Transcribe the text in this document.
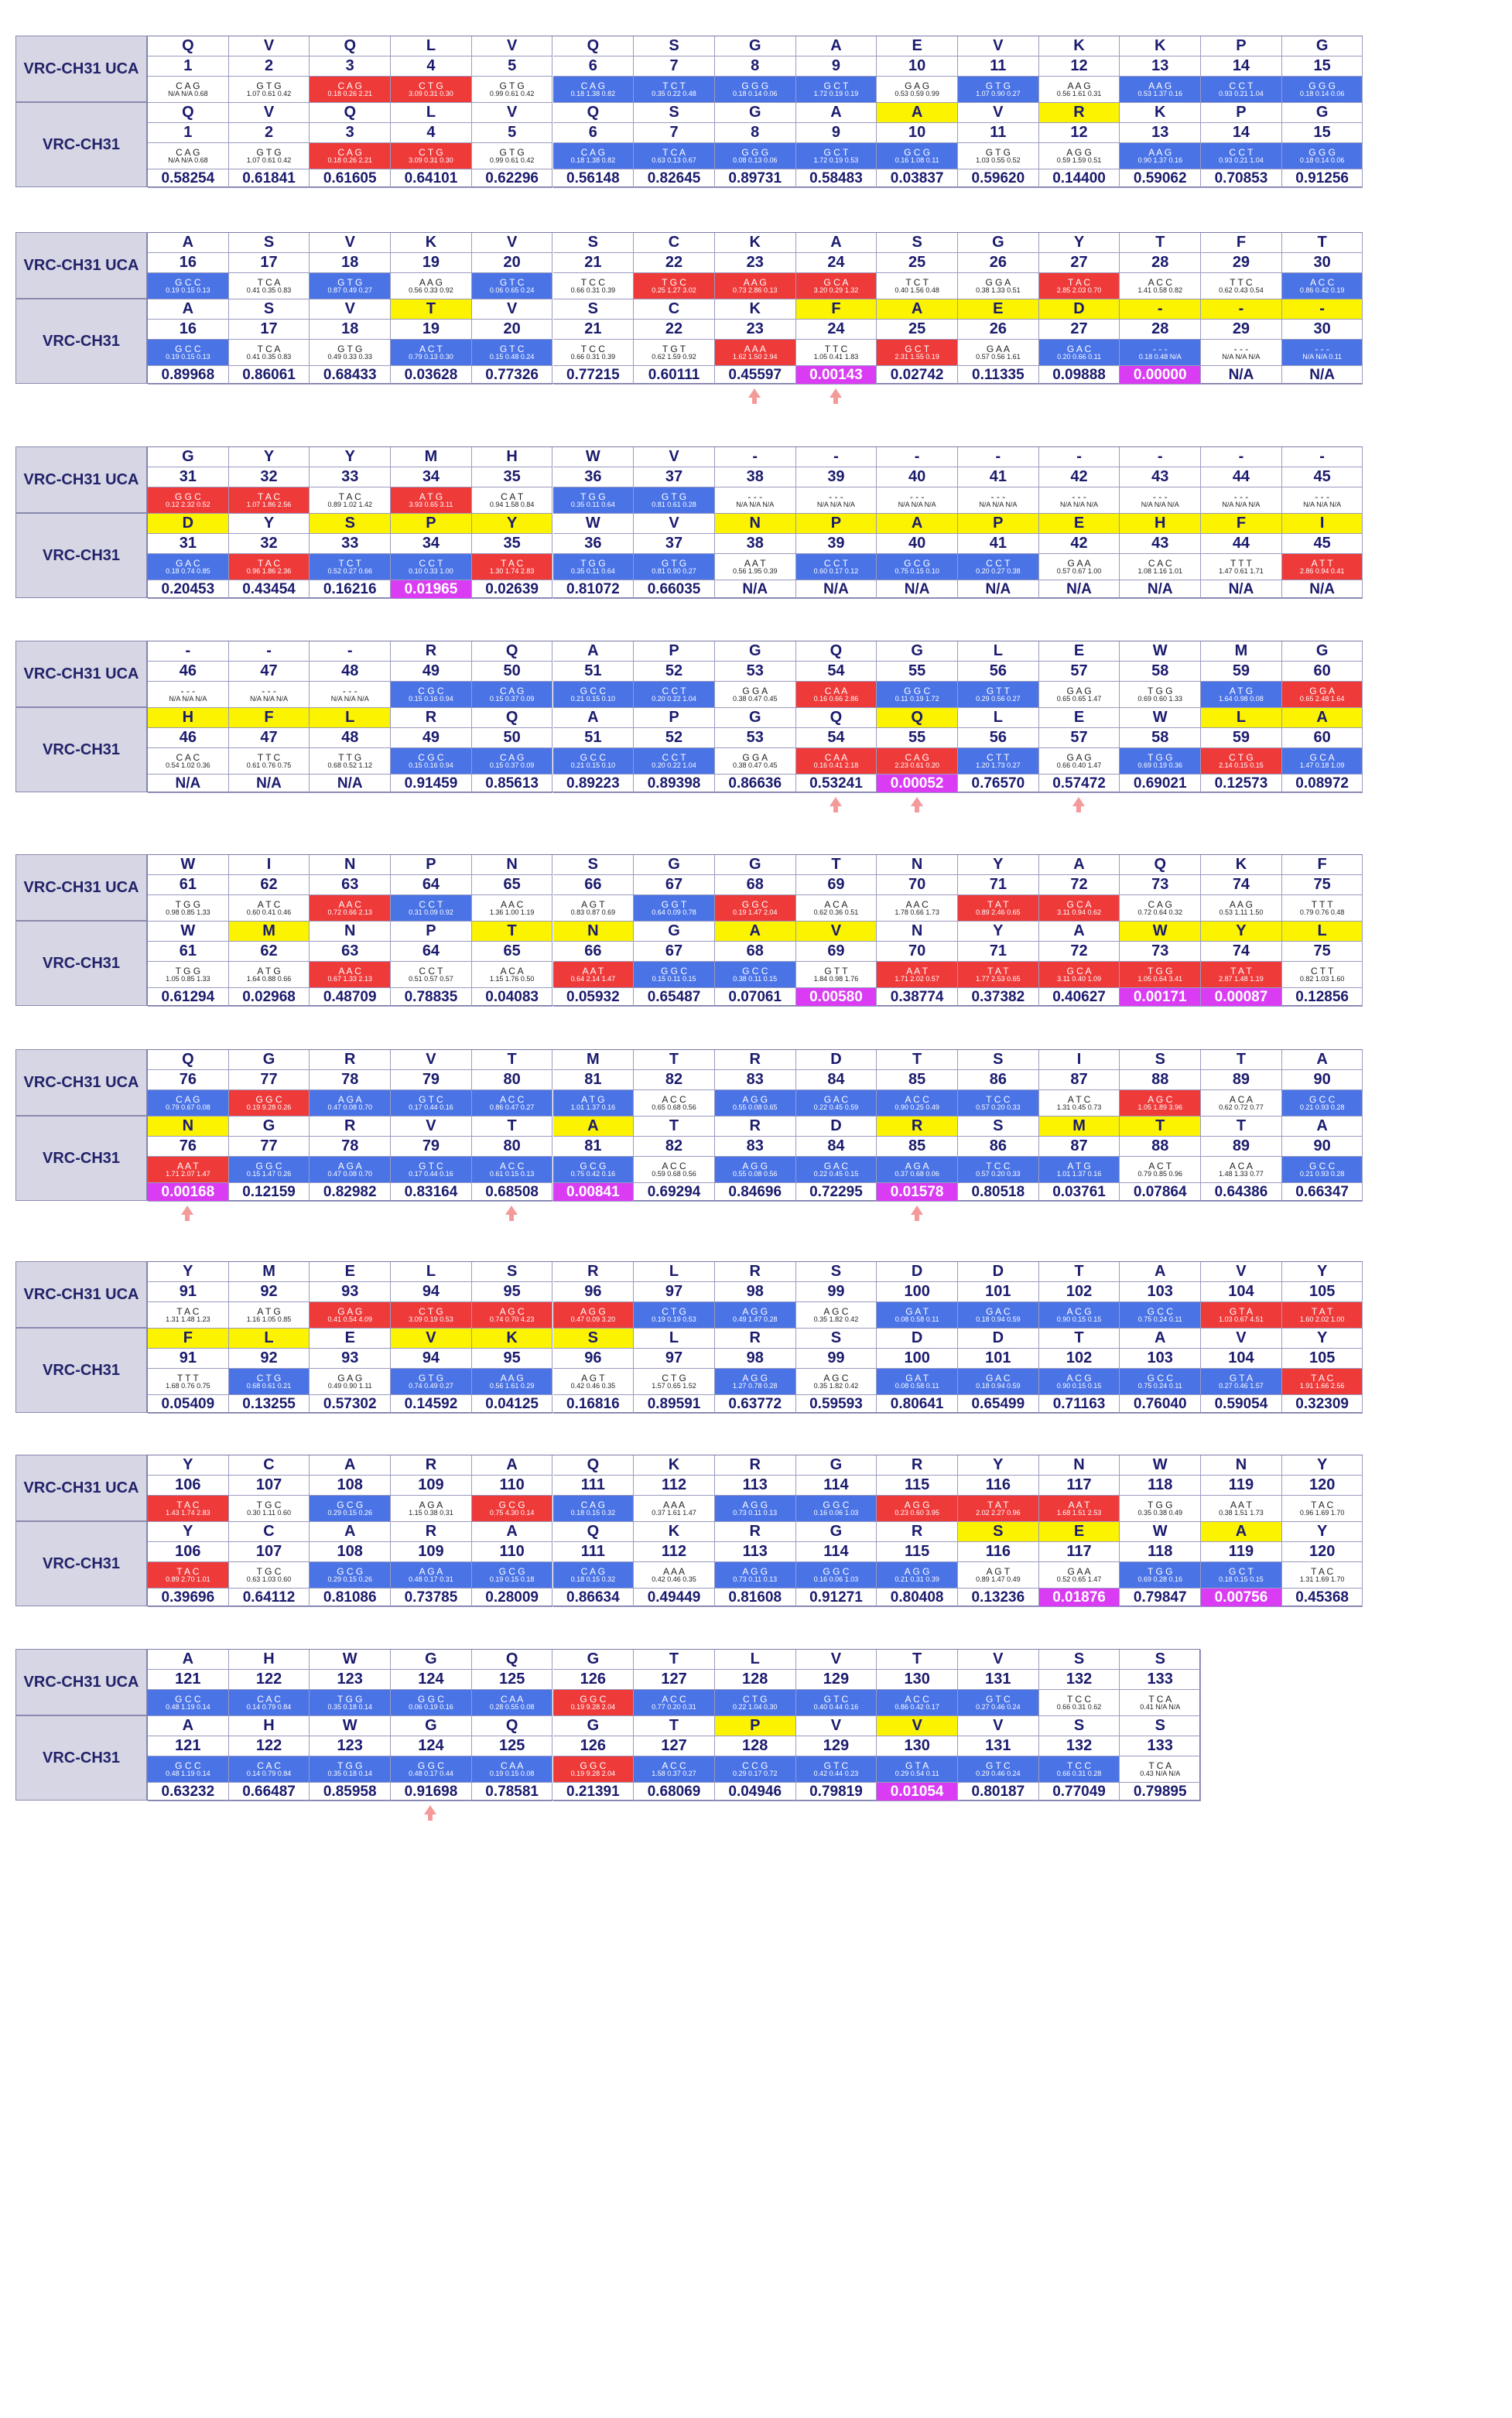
VRC-CH31 UCA
VRC-CH31
Q
1
C A G
N/A N/A 0.68
Q
1
C A G
N/A N/A 0.68
0.58254
V
2
G T G
1.07 0.61 0.42
V
2
G T G
1.07 0.61 0.42
0.61841
Q
3
C A G
0.18 0.26 2.21
Q
3
C A G
0.18 0.26 2.21
0.61605
L
4
C T G
3.09 0.31 0.30
L
4
C T G
3.09 0.31 0.30
0.64101
V
5
G T G
0.99 0.61 0.42
V
5
G T G
0.99 0.61 0.42
0.62296
Q
6
C A G
0.18 1.38 0.82
Q
6
C A G
0.18 1.38 0.82
0.56148
S
7
T C T
0.35 0.22 0.48
S
7
T C A
0.63 0.13 0.67
0.82645
G
8
G G G
0.18 0.14 0.06
G
8
G G G
0.08 0.13 0.06
0.89731
A
9
G C T
1.72 0.19 0.19
A
9
G C T
1.72 0.19 0.53
0.58483
E
10
G A G
0.53 0.59 0.99
A
10
G C G
0.16 1.08 0.11
0.03837
V
11
G T G
1.07 0.90 0.27
V
11
G T G
1.03 0.55 0.52
0.59620
K
12
A A G
0.56 1.61 0.31
R
12
A G G
0.59 1.59 0.51
0.14400
K
13
A A G
0.53 1.37 0.16
K
13
A A G
0.90 1.37 0.16
0.59062
P
14
C C T
0.93 0.21 1.04
P
14
C C T
0.93 0.21 1.04
0.70853
G
15
G G G
0.18 0.14 0.06
G
15
G G G
0.18 0.14 0.06
0.91256
VRC-CH31 UCA
VRC-CH31
A
16
G C C
0.19 0.15 0.13
A
16
G C C
0.19 0.15 0.13
0.89968
S
17
T C A
0.41 0.35 0.83
S
17
T C A
0.41 0.35 0.83
0.86061
V
18
G T G
0.87 0.49 0.27
V
18
G T G
0.49 0.33 0.33
0.68433
K
19
A A G
0.56 0.33 0.92
T
19
A C T
0.79 0.13 0.30
0.03628
V
20
G T C
0.06 0.65 0.24
V
20
G T C
0.15 0.48 0.24
0.77326
S
21
T C C
0.66 0.31 0.39
S
21
T C C
0.66 0.31 0.39
0.77215
C
22
T G C
0.25 1.27 3.02
C
22
T G T
0.62 1.59 0.92
0.60111
K
23
A A G
0.73 2.86 0.13
K
23
A A A
1.62 1.50 2.94
0.45597
A
24
G C A
3.20 0.29 1.32
F
24
T T C
1.05 0.41 1.83
0.00143
S
25
T C T
0.40 1.56 0.48
A
25
G C T
2.31 1.55 0.19
0.02742
G
26
G G A
0.38 1.33 0.51
E
26
G A A
0.57 0.56 1.61
0.11335
Y
27
T A C
2.85 2.03 0.70
D
27
G A C
0.20 0.66 0.11
0.09888
T
28
A C C
1.41 0.58 0.82
-
28
- - -
0.18 0.48 N/A
0.00000
F
29
T T C
0.62 0.43 0.54
-
29
- - -
N/A N/A N/A
N/A
T
30
A C C
0.86 0.42 0.19
-
30
- - -
N/A N/A 0.11
N/A
VRC-CH31 UCA
VRC-CH31
G
31
G G C
0.12 2.32 0.52
D
31
G A C
0.18 0.74 0.85
0.20453
Y
32
T A C
1.07 1.86 2.56
Y
32
T A C
0.96 1.86 2.36
0.43454
Y
33
T A C
0.89 1.02 1.42
S
33
T C T
0.52 0.27 0.66
0.16216
M
34
A T G
3.93 0.65 3.11
P
34
C C T
0.10 0.33 1.00
0.01965
H
35
C A T
0.94 1.58 0.84
Y
35
T A C
1.30 1.74 2.83
0.02639
W
36
T G G
0.35 0.11 0.64
W
36
T G G
0.35 0.11 0.64
0.81072
V
37
G T G
0.81 0.61 0.28
V
37
G T G
0.81 0.90 0.27
0.66035
-
38
- - -
N/A N/A N/A
N
38
A A T
0.56 1.95 0.39
N/A
-
39
- - -
N/A N/A N/A
P
39
C C T
0.60 0.17 0.12
N/A
-
40
- - -
N/A N/A N/A
A
40
G C G
0.75 0.15 0.10
N/A
-
41
- - -
N/A N/A N/A
P
41
C C T
0.20 0.27 0.38
N/A
-
42
- - -
N/A N/A N/A
E
42
G A A
0.57 0.67 1.00
N/A
-
43
- - -
N/A N/A N/A
H
43
C A C
1.08 1.16 1.01
N/A
-
44
- - -
N/A N/A N/A
F
44
T T T
1.47 0.61 1.71
N/A
-
45
- - -
N/A N/A N/A
I
45
A T T
2.86 0.94 0.41
N/A
VRC-CH31 UCA
VRC-CH31
-
46
- - -
N/A N/A N/A
H
46
C A C
0.54 1.02 0.36
N/A
-
47
- - -
N/A N/A N/A
F
47
T T C
0.61 0.76 0.75
N/A
-
48
- - -
N/A N/A N/A
L
48
T T G
0.68 0.52 1.12
N/A
R
49
C G C
0.15 0.16 0.94
R
49
C G C
0.15 0.16 0.94
0.91459
Q
50
C A G
0.15 0.37 0.09
Q
50
C A G
0.15 0.37 0.09
0.85613
A
51
G C C
0.21 0.15 0.10
A
51
G C C
0.21 0.15 0.10
0.89223
P
52
C C T
0.20 0.22 1.04
P
52
C C T
0.20 0.22 1.04
0.89398
G
53
G G A
0.38 0.47 0.45
G
53
G G A
0.38 0.47 0.45
0.86636
Q
54
C A A
0.16 0.66 2.86
Q
54
C A A
0.16 0.41 2.18
0.53241
G
55
G G C
0.11 0.19 1.72
Q
55
C A G
2.23 0.61 0.20
0.00052
L
56
G T T
0.29 0.56 0.27
L
56
C T T
1.20 1.73 0.27
0.76570
E
57
G A G
0.65 0.65 1.47
E
57
G A G
0.66 0.40 1.47
0.57472
W
58
T G G
0.69 0.60 1.33
W
58
T G G
0.69 0.19 0.36
0.69021
M
59
A T G
1.64 0.98 0.08
L
59
C T G
2.14 0.15 0.15
0.12573
G
60
G G A
0.65 2.48 1.64
A
60
G C A
1.47 0.18 1.09
0.08972
VRC-CH31 UCA
VRC-CH31
W
61
T G G
0.98 0.85 1.33
W
61
T G G
1.05 0.85 1.33
0.61294
I
62
A T C
0.60 0.41 0.46
M
62
A T G
1.64 0.88 0.66
0.02968
N
63
A A C
0.72 0.66 2.13
N
63
A A C
0.67 1.33 2.13
0.48709
P
64
C C T
0.31 0.09 0.92
P
64
C C T
0.51 0.57 0.57
0.78835
N
65
A A C
1.36 1.00 1.19
T
65
A C A
1.15 1.76 0.50
0.04083
S
66
A G T
0.83 0.87 0.69
N
66
A A T
0.64 2.14 1.47
0.05932
G
67
G G T
0.64 0.09 0.78
G
67
G G C
0.15 0.11 0.15
0.65487
G
68
G G C
0.19 1.47 2.04
A
68
G C C
0.38 0.11 0.15
0.07061
T
69
A C A
0.62 0.36 0.51
V
69
G T T
1.84 0.98 1.76
0.00580
N
70
A A C
1.78 0.66 1.73
N
70
A A T
1.71 2.02 0.57
0.38774
Y
71
T A T
0.89 2.46 0.65
Y
71
T A T
1.77 2.53 0.65
0.37382
A
72
G C A
3.11 0.94 0.62
A
72
G C A
3.11 0.40 1.09
0.40627
Q
73
C A G
0.72 0.64 0.32
W
73
T G G
1.05 0.64 3.41
0.00171
K
74
A A G
0.53 1.11 1.50
Y
74
T A T
2.87 1.48 1.19
0.00087
F
75
T T T
0.79 0.76 0.48
L
75
C T T
0.82 1.03 1.60
0.12856
VRC-CH31 UCA
VRC-CH31
Q
76
C A G
0.79 0.67 0.08
N
76
A A T
1.71 2.07 1.47
0.00168
G
77
G G C
0.19 9.28 0.26
G
77
G G C
0.15 1.47 0.26
0.12159
R
78
A G A
0.47 0.08 0.70
R
78
A G A
0.47 0.08 0.70
0.82982
V
79
G T C
0.17 0.44 0.16
V
79
G T C
0.17 0.44 0.16
0.83164
T
80
A C C
0.86 0.47 0.27
T
80
A C C
0.61 0.15 0.13
0.68508
M
81
A T G
1.01 1.37 0.16
A
81
G C G
0.75 0.42 0.16
0.00841
T
82
A C C
0.65 0.68 0.56
T
82
A C C
0.59 0.68 0.56
0.69294
R
83
A G G
0.55 0.08 0.65
R
83
A G G
0.55 0.08 0.56
0.84696
D
84
G A C
0.22 0.45 0.59
D
84
G A C
0.22 0.45 0.15
0.72295
T
85
A C C
0.90 0.25 0.49
R
85
A G A
0.37 0.68 0.06
0.01578
S
86
T C C
0.57 0.20 0.33
S
86
T C C
0.57 0.20 0.33
0.80518
I
87
A T C
1.31 0.45 0.73
M
87
A T G
1.01 1.37 0.16
0.03761
S
88
A G C
1.05 1.89 3.96
T
88
A C T
0.79 0.85 0.96
0.07864
T
89
A C A
0.62 0.72 0.77
T
89
A C A
1.48 1.33 0.77
0.64386
A
90
G C C
0.21 0.93 0.28
A
90
G C C
0.21 0.93 0.28
0.66347
VRC-CH31 UCA
VRC-CH31
Y
91
T A C
1.31 1.48 1.23
F
91
T T T
1.68 0.76 0.75
0.05409
M
92
A T G
1.16 1.05 0.85
L
92
C T G
0.68 0.61 0.21
0.13255
E
93
G A G
0.41 0.54 4.09
E
93
G A G
0.49 0.90 1.11
0.57302
L
94
C T G
3.09 0.19 0.53
V
94
G T G
0.74 0.49 0.27
0.14592
S
95
A G C
0.74 0.70 4.23
K
95
A A G
0.56 1.61 0.29
0.04125
R
96
A G G
0.47 0.09 3.20
S
96
A G T
0.42 0.46 0.35
0.16816
L
97
C T G
0.19 0.19 0.53
L
97
C T G
1.57 0.65 1.52
0.89591
R
98
A G G
0.49 1.47 0.28
R
98
A G G
1.27 0.78 0.28
0.63772
S
99
A G C
0.35 1.82 0.42
S
99
A G C
0.35 1.82 0.42
0.59593
D
100
G A T
0.08 0.58 0.11
D
100
G A T
0.08 0.58 0.11
0.80641
D
101
G A C
0.18 0.94 0.59
D
101
G A C
0.18 0.94 0.59
0.65499
T
102
A C G
0.90 0.15 0.15
T
102
A C G
0.90 0.15 0.15
0.71163
A
103
G C C
0.75 0.24 0.11
A
103
G C C
0.75 0.24 0.11
0.76040
V
104
G T A
1.03 0.67 4.51
V
104
G T A
0.27 0.46 1.57
0.59054
Y
105
T A T
1.60 2.02 1.00
Y
105
T A C
1.91 1.66 2.56
0.32309
VRC-CH31 UCA
VRC-CH31
Y
106
T A C
1.43 1.74 2.83
Y
106
T A C
0.89 2.70 1.01
0.39696
C
107
T G C
0.30 1.11 0.60
C
107
T G C
0.63 1.03 0.60
0.64112
A
108
G C G
0.29 0.15 0.26
A
108
G C G
0.29 0.15 0.26
0.81086
R
109
A G A
1.15 0.38 0.31
R
109
A G A
0.48 0.17 0.31
0.73785
A
110
G C G
0.75 4.30 0.14
A
110
G C G
0.19 0.15 0.18
0.28009
Q
111
C A G
0.18 0.15 0.32
Q
111
C A G
0.18 0.15 0.32
0.86634
K
112
A A A
0.37 1.61 1.47
K
112
A A A
0.42 0.46 0.35
0.49449
R
113
A G G
0.73 0.11 0.13
R
113
A G G
0.73 0.11 0.13
0.81608
G
114
G G C
0.16 0.06 1.03
G
114
G G C
0.16 0.06 1.03
0.91271
R
115
A G G
0.23 0.60 3.95
R
115
A G G
0.21 0.31 0.39
0.80408
Y
116
T A T
2.02 2.27 0.96
S
116
A G T
0.89 1.47 0.49
0.13236
N
117
A A T
1.68 1.51 2.53
E
117
G A A
0.52 0.65 1.47
0.01876
W
118
T G G
0.35 0.38 0.49
W
118
T G G
0.69 0.28 0.16
0.79847
N
119
A A T
0.38 1.51 1.73
A
119
G C T
0.18 0.15 0.15
0.00756
Y
120
T A C
0.96 1.69 1.70
Y
120
T A C
1.31 1.69 1.70
0.45368
VRC-CH31 UCA
VRC-CH31
A
121
G C C
0.48 1.19 0.14
A
121
G C C
0.48 1.19 0.14
0.63232
H
122
C A C
0.14 0.79 0.84
H
122
C A C
0.14 0.79 0.84
0.66487
W
123
T G G
0.35 0.18 0.14
W
123
T G G
0.35 0.18 0.14
0.85958
G
124
G G C
0.06 0.19 0.16
G
124
G G C
0.48 0.17 0.44
0.91698
Q
125
C A A
0.28 0.55 0.08
Q
125
C A A
0.19 0.15 0.08
0.78581
G
126
G G C
0.19 9.28 2.04
G
126
G G C
0.19 9.28 2.04
0.21391
T
127
A C C
0.77 0.20 0.31
T
127
A C C
1.58 0.37 0.27
0.68069
L
128
C T G
0.22 1.04 0.30
P
128
C C G
0.29 0.17 0.72
0.04946
V
129
G T C
0.40 0.44 0.16
V
129
G T C
0.42 0.44 0.23
0.79819
T
130
A C C
0.86 0.42 0.17
V
130
G T A
0.29 0.54 0.11
0.01054
V
131
G T C
0.27 0.46 0.24
V
131
G T C
0.29 0.46 0.24
0.80187
S
132
T C C
0.66 0.31 0.62
S
132
T C C
0.66 0.31 0.28
0.77049
S
133
T C A
0.41 N/A N/A
S
133
T C A
0.43 N/A N/A
0.79895
